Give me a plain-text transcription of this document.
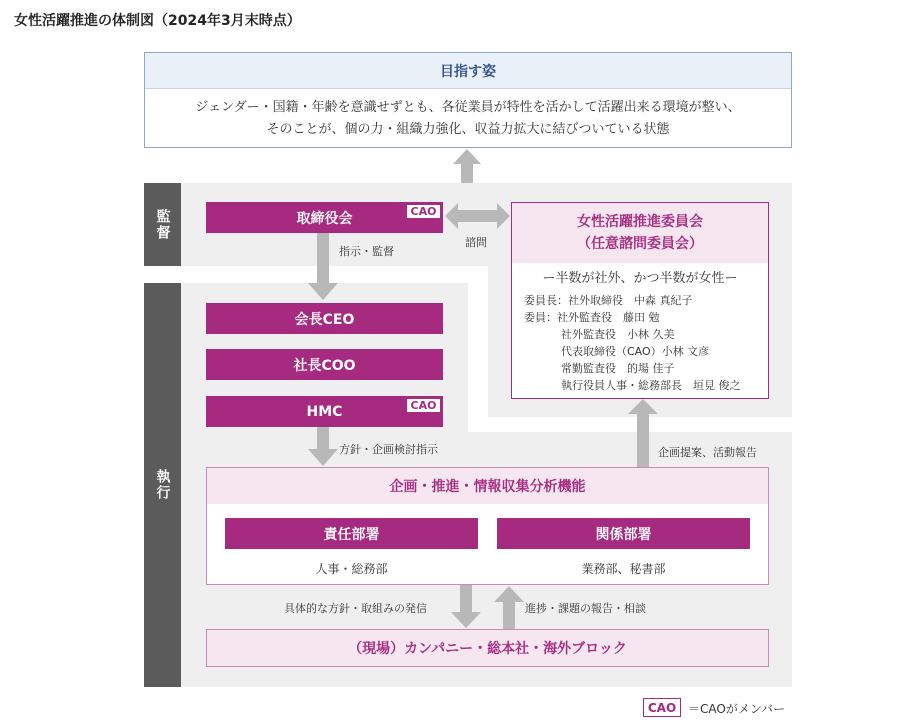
女性活躍推進の体制図（2024年3月末時点）
目指す姿
ジェンダー・国籍・年齢を意識せずとも、各従業員が特性を活かして活躍出来る環境が整い、
そのことが、個の力・組織力強化、収益力拡大に結びついている状態
監督
執行
取締役会	CAO
諮問
指示・監督
女性活躍推進委員会
（任意諮問委員会）
ー半数が社外、かつ半数が女性ー
委員長：社外取締役　中森 真紀子
委員：社外監査役　藤田 勉
社外監査役　小林 久美
代表取締役（CAO）小林 文彦
常勤監査役　的場 佳子
執行役員人事・総務部長　垣見 俊之
会長CEO
社長COO
HMC	CAO
方針・企画検討指示	企画提案、活動報告
企画・推進・情報収集分析機能
責任部署	関係部署
人事・総務部	業務部、秘書部
具体的な方針・取組みの発信	進捗・課題の報告・相談
（現場）カンパニー・総本社・海外ブロック
CAO ＝CAOがメンバー
